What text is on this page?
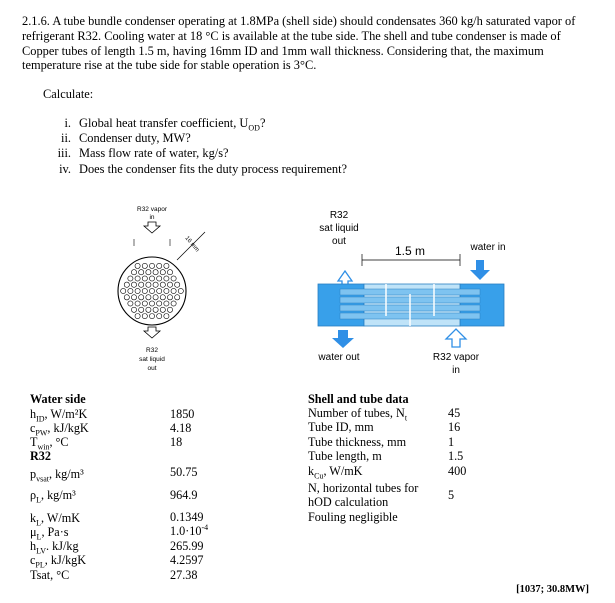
2.1.6. A tube bundle condenser operating at 1.8MPa (shell side) should condensates 360 kg/h saturated vapor of refrigerant R32. Cooling water at 18 °C is available at the tube side. The shell and tube condenser is made of Copper tubes of length 1.5 m, having 16mm ID and 1mm wall thickness. Considering that, the maximum temperature rise at the tube side for stable operation is 3°C.
Calculate:
i. Global heat transfer coefficient, $U_{OD}$?
ii. Condenser duty, MW?
iii. Mass flow rate of water, kg/s?
iv. Does the condenser fits the duty process requirement?
R32 vapor
in
16 mm
R32
sat liquid
out
R32
sat liquid
out
1.5 m	water in
water out	R32 vapor
in
Water side
$h_{ID}$, W/m²K	1850
$c_{PW}$, kJ/kgK	4.18
$T_{win}$, °C	18
R32
$p_{vsat}$, kg/m³	50.75
$\rho_L$, kg/m³	964.9
$k_L$, W/mK	0.1349
$\mu_L$, Pa·s	$1.0\cdot 10^{-4}$
$h_{LV}$. kJ/kg	265.99
$c_{PL}$, kJ/kgK	4.2597
Tsat, °C	27.38
Shell and tube data
Number of tubes, $N_t$	45
Tube ID, mm	16
Tube thickness, mm	1
Tube length, m	1.5
$k_{Cu}$, W/mK	400
N, horizontal tubes for 5
hOD calculation
Fouling negligible
[1037; 30.8MW]
